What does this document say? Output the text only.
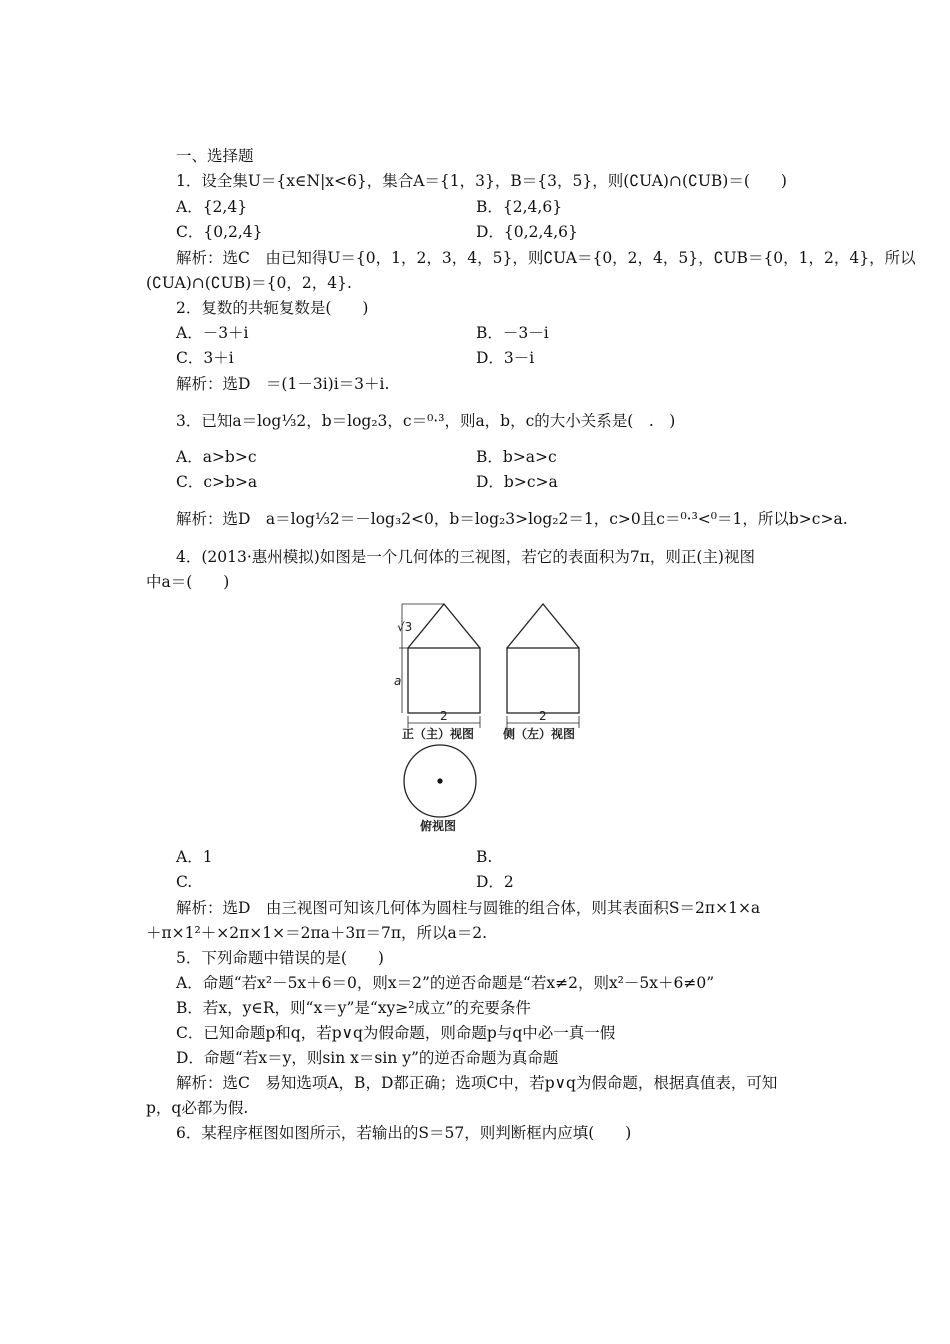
一、选择题
1．设全集U＝{x∈N|x<6}，集合A＝{1，3}，B＝{3，5}，则(∁UA)∩(∁UB)＝(　　)
A．{2,4}	B．{2,4,6}
C．{0,2,4}	D．{0,2,4,6}
解析：选C　由已知得U＝{0，1，2，3，4，5}，则∁UA＝{0，2，4，5}，∁UB＝{0，1，2，4}，所以
(∁UA)∩(∁UB)＝{0，2，4}.
2．复数的共轭复数是(　　)
A．－3＋i	B．－3－i
C．3＋i	D．3－i
解析：选D　＝(1－3i)i＝3＋i.
3．已知a＝log⅓2，b＝log₂3，c＝⁰·³，则a，b，c的大小关系是(　.　)
A．a>b>c	B．b>a>c
C．c>b>a	D．b>c>a
解析：选D　a＝log⅓2＝－log₃2<0，b＝log₂3>log₂2＝1，c>0且c＝⁰·³<⁰＝1，所以b>c>a.
4．(2013·惠州模拟)如图是一个几何体的三视图，若它的表面积为7π，则正(主)视图
中a＝(　　)
√3
a
2
正（主）视图
2
侧（左）视图
俯视图
A．1	B.
C.	D．2
解析：选D　由三视图可知该几何体为圆柱与圆锥的组合体，则其表面积S＝2π×1×a
＋π×1²＋×2π×1×＝2πa＋3π＝7π，所以a＝2.
5．下列命题中错误的是(　　)
A．命题“若x²－5x＋6＝0，则x＝2”的逆否命题是“若x≠2，则x²－5x＋6≠0”
B．若x，y∈R，则“x＝y”是“xy≥²成立”的充要条件
C．已知命题p和q，若p∨q为假命题，则命题p与q中必一真一假
D．命题“若x＝y，则sin x＝sin y”的逆否命题为真命题
解析：选C　易知选项A，B，D都正确；选项C中，若p∨q为假命题，根据真值表，可知
p，q必都为假.
6．某程序框图如图所示，若输出的S＝57，则判断框内应填(　　)
